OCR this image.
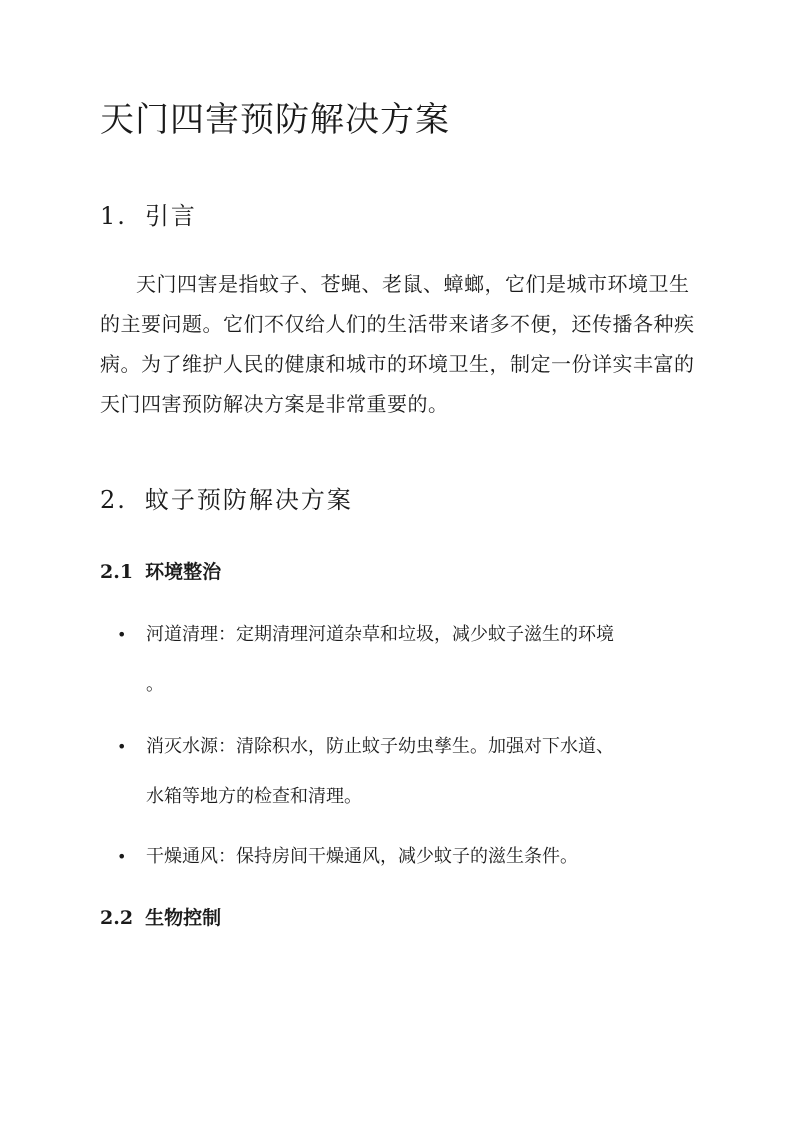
天门四害预防解决方案
1. 引言
天门四害是指蚊子、苍蝇、老鼠、蟑螂，它们是城市环境卫生
的主要问题。它们不仅给人们的生活带来诸多不便，还传播各种疾
病。为了维护人民的健康和城市的环境卫生，制定一份详实丰富的
天门四害预防解决方案是非常重要的。
2. 蚊子预防解决方案
2.1 环境整治
• 河道清理：定期清理河道杂草和垃圾，减少蚊子滋生的环境
。
• 消灭水源：清除积水，防止蚊子幼虫孳生。加强对下水道、
水箱等地方的检查和清理。
• 干燥通风：保持房间干燥通风，减少蚊子的滋生条件。
2.2 生物控制
